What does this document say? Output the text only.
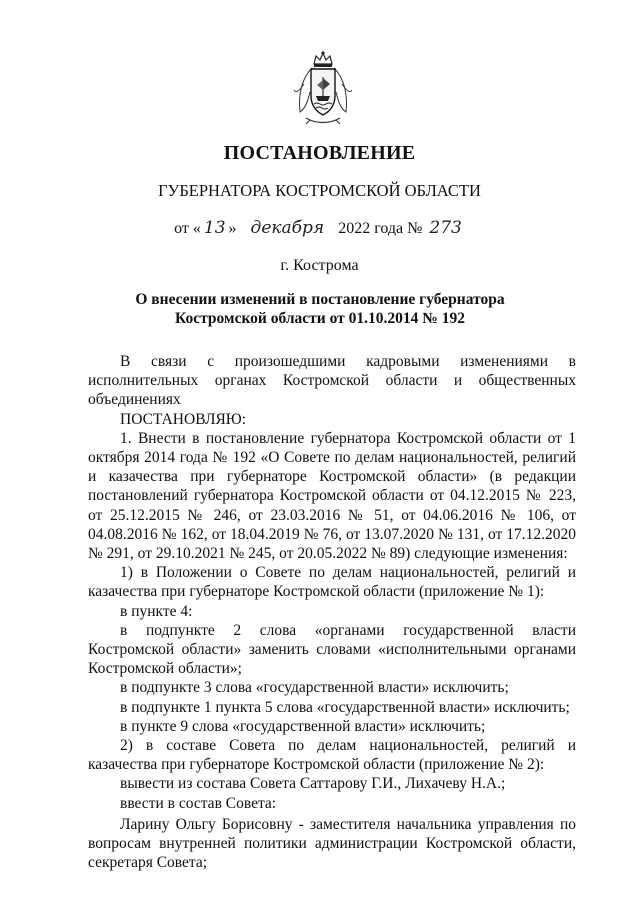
ПОСТАНОВЛЕНИЕ
ГУБЕРНАТОРА КОСТРОМСКОЙ ОБЛАСТИ
от « 13 » декабря 2022 года № 273
г. Кострома
О внесении изменений в постановление губернатора
Костромской области от 01.10.2014 № 192

В связи с произошедшими кадровыми изменениями в исполнительных органах Костромской области и общественных объединениях

ПОСТАНОВЛЯЮ:

1. Внести в постановление губернатора Костромской области от 1 октября 2014 года № 192 «О Совете по делам национальностей, религий и казачества при губернаторе Костромской области» (в редакции постановлений губернатора Костромской области от 04.12.2015 № 223, от 25.12.2015 № 246, от 23.03.2016 № 51, от 04.06.2016 № 106, от 04.08.2016 № 162, от 18.04.2019 № 76, от 13.07.2020 № 131, от 17.12.2020 № 291, от 29.10.2021 № 245, от 20.05.2022 № 89) следующие изменения:

1) в Положении о Совете по делам национальностей, религий и казачества при губернаторе Костромской области (приложение № 1):

в пункте 4:

в подпункте 2 слова «органами государственной власти Костромской области» заменить словами «исполнительными органами Костромской области»;

в подпункте 3 слова «государственной власти» исключить;

в подпункте 1 пункта 5 слова «государственной власти» исключить;

в пункте 9 слова «государственной власти» исключить;

2) в составе Совета по делам национальностей, религий и казачества при губернаторе Костромской области (приложение № 2):

вывести из состава Совета Саттарову Г.И., Лихачеву Н.А.;

ввести в состав Совета:

Ларину Ольгу Борисовну - заместителя начальника управления по вопросам внутренней политики администрации Костромской области, секретаря Совета;
